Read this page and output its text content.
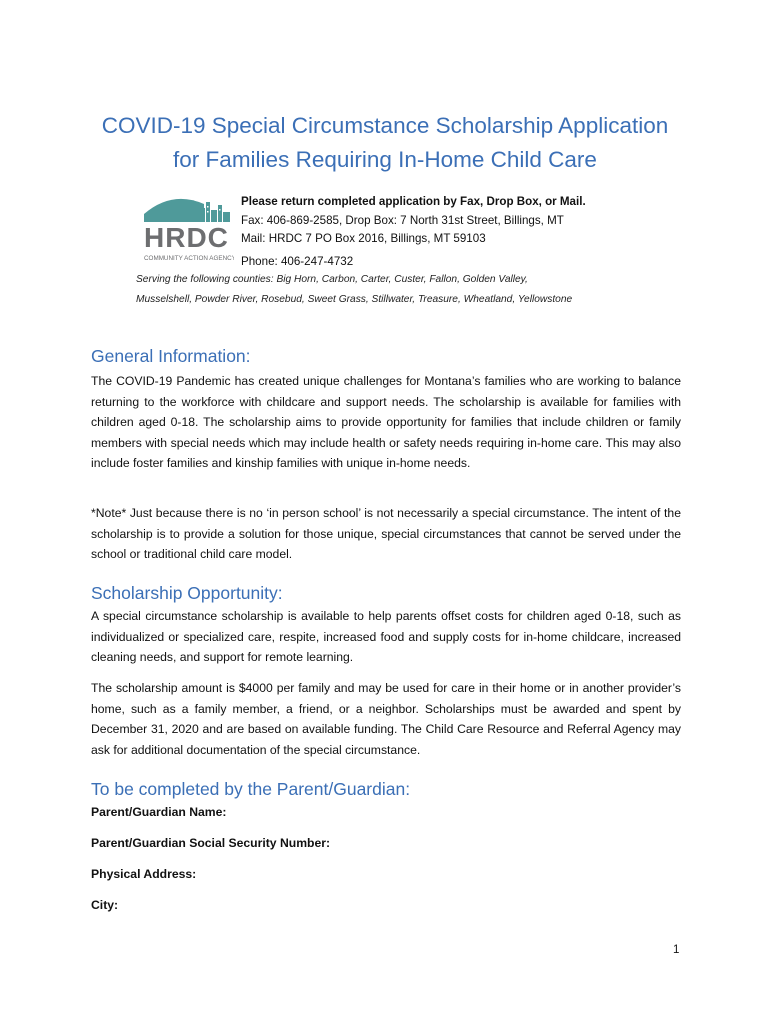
COVID-19 Special Circumstance Scholarship Application
for Families Requiring In-Home Child Care
HRDC
COMMUNITY ACTION AGENCY
Please return completed application by Fax, Drop Box, or Mail.
Fax: 406-869-2585, Drop Box: 7 North 31st Street, Billings, MT
Mail: HRDC 7 PO Box 2016, Billings, MT 59103
Phone: 406-247-4732
Serving the following counties: Big Horn, Carbon, Carter, Custer, Fallon, Golden Valley,
Musselshell, Powder River, Rosebud, Sweet Grass, Stillwater, Treasure, Wheatland, Yellowstone
General Information:

The COVID-19 Pandemic has created unique challenges for Montana’s families who are working to balance returning to the workforce with childcare and support needs. The scholarship is available for families with children aged 0-18. The scholarship aims to provide opportunity for families that include children or family members with special needs which may include health or safety needs requiring in-home care. This may also include foster families and kinship families with unique in-home needs.

*Note* Just because there is no ‘in person school’ is not necessarily a special circumstance. The intent of the scholarship is to provide a solution for those unique, special circumstances that cannot be served under the school or traditional child care model.

Scholarship Opportunity:

A special circumstance scholarship is available to help parents offset costs for children aged 0-18, such as individualized or specialized care, respite, increased food and supply costs for in-home childcare, increased cleaning needs, and support for remote learning.

The scholarship amount is $4000 per family and may be used for care in their home or in another provider’s home, such as a family member, a friend, or a neighbor. Scholarships must be awarded and spent by December 31, 2020 and are based on available funding. The Child Care Resource and Referral Agency may ask for additional documentation of the special circumstance.

To be completed by the Parent/Guardian:
Parent/Guardian Name:
Parent/Guardian Social Security Number:
Physical Address:
City:
1
